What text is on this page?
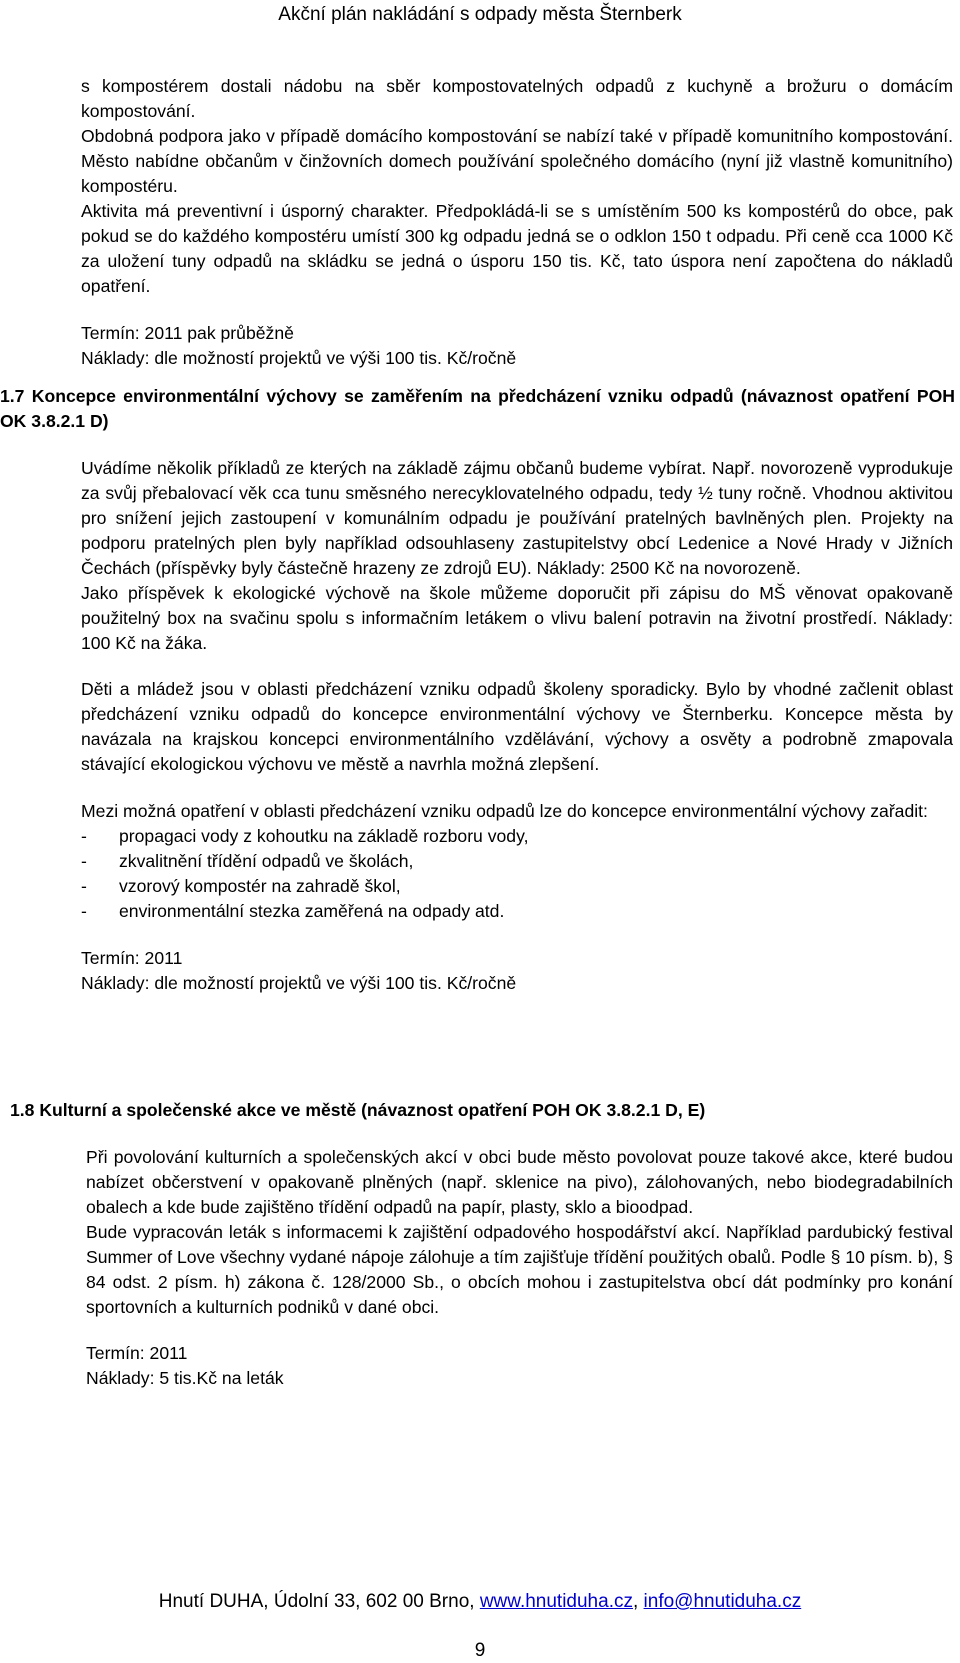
Akční plán nakládání s odpady města Šternberk

s kompostérem dostali nádobu na sběr kompostovatelných odpadů z kuchyně a brožuru o domácím kompostování.

Obdobná podpora jako v případě domácího kompostování se nabízí také v případě komunitního kompostování. Město nabídne občanům v činžovních domech používání společného domácího (nyní již vlastně komunitního) kompostéru.

Aktivita má preventivní i úsporný charakter. Předpokládá-li se s umístěním 500 ks kompostérů do obce, pak pokud se do každého kompostéru umístí 300 kg odpadu jedná se o odklon 150 t odpadu. Při ceně cca 1000 Kč za uložení tuny odpadů na skládku se jedná o úsporu 150 tis. Kč, tato úspora není započtena do nákladů opatření.

Termín: 2011 pak průběžně

Náklady: dle možností projektů ve výši 100 tis. Kč/ročně

1.7 Koncepce environmentální výchovy se zaměřením na předcházení vzniku odpadů (návaznost opatření POH OK 3.8.2.1 D)

Uvádíme několik příkladů ze kterých na základě zájmu občanů budeme vybírat. Např. novorozeně vyprodukuje za svůj přebalovací věk cca tunu směsného nerecyklovatelného odpadu, tedy ½ tuny ročně. Vhodnou aktivitou pro snížení jejich zastoupení v komunálním odpadu je používání pratelných bavlněných plen. Projekty na podporu pratelných plen byly například odsouhlaseny zastupitelstvy obcí Ledenice a Nové Hrady v Jižních Čechách (příspěvky byly částečně hrazeny ze zdrojů EU). Náklady: 2500 Kč na novorozeně.

Jako příspěvek k ekologické výchově na škole můžeme doporučit při zápisu do MŠ věnovat opakovaně použitelný box na svačinu spolu s informačním letákem o vlivu balení potravin na životní prostředí. Náklady: 100 Kč na žáka.

Děti a mládež jsou v oblasti předcházení vzniku odpadů školeny sporadicky. Bylo by vhodné začlenit oblast předcházení vzniku odpadů do koncepce environmentální výchovy ve Šternberku. Koncepce města by navázala na krajskou koncepci environmentálního vzdělávání, výchovy a osvěty a podrobně zmapovala stávající ekologickou výchovu ve městě a navrhla možná zlepšení.

Mezi možná opatření v oblasti předcházení vzniku odpadů lze do koncepce environmentální výchovy zařadit:

- propagaci vody z kohoutku na základě rozboru vody,
- zkvalitnění třídění odpadů ve školách,
- vzorový kompostér na zahradě škol,
- environmentální stezka zaměřená na odpady atd.

Termín: 2011

Náklady: dle možností projektů ve výši 100 tis. Kč/ročně

1.8 Kulturní a společenské akce ve městě (návaznost opatření POH OK 3.8.2.1 D, E)

Při povolování kulturních a společenských akcí v obci bude město povolovat pouze takové akce, které budou nabízet občerstvení v opakovaně plněných (např. sklenice na pivo), zálohovaných, nebo biodegradabilních obalech a kde bude zajištěno třídění odpadů na papír, plasty, sklo a bioodpad.

Bude vypracován leták s informacemi k zajištění odpadového hospodářství akcí. Například pardubický festival Summer of Love všechny vydané nápoje zálohuje a tím zajišťuje třídění použitých obalů. Podle § 10 písm. b), § 84 odst. 2 písm. h) zákona č. 128/2000 Sb., o obcích mohou i zastupitelstva obcí dát podmínky pro konání sportovních a kulturních podniků v dané obci.

Termín: 2011

Náklady: 5 tis.Kč na leták

Hnutí DUHA, Údolní 33, 602 00 Brno, www.hnutiduha.cz, info@hnutiduha.cz
9
